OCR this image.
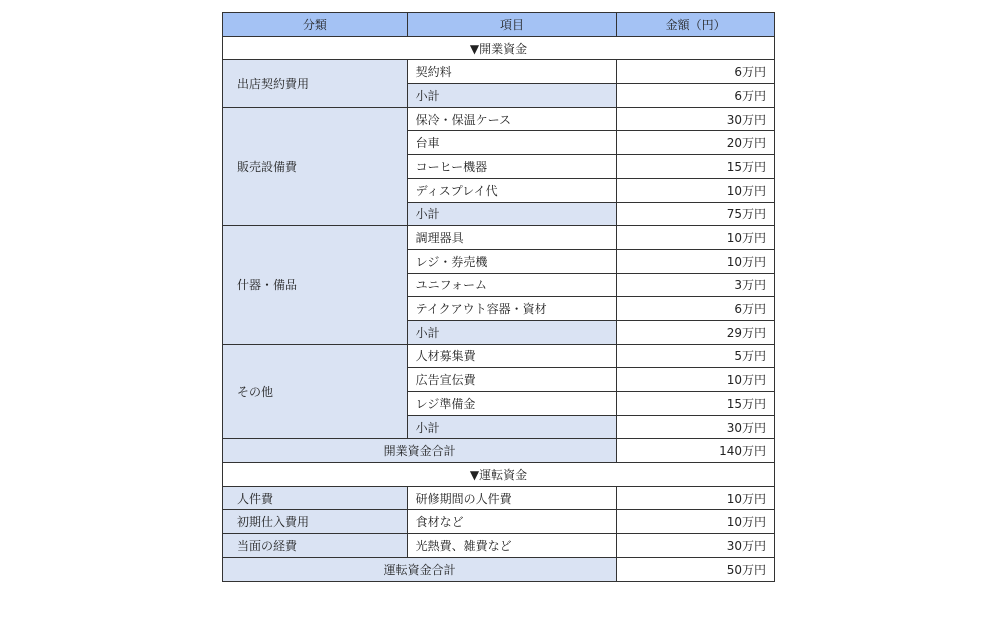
分類	項目	金額（円）
▼開業資金		
出店契約費用	契約料	6万円
	小計	6万円
販売設備費	保冷・保温ケース	30万円
	台車	20万円
	コーヒー機器	15万円
	ディスプレイ代	10万円
	小計	75万円
什器・備品	調理器具	10万円
	レジ・券売機	10万円
	ユニフォーム	3万円
	テイクアウト容器・資材	6万円
	小計	29万円
その他	人材募集費	5万円
	広告宣伝費	10万円
	レジ準備金	15万円
	小計	30万円
開業資金合計		140万円
▼運転資金		
人件費	研修期間の人件費	10万円
初期仕入費用	食材など	10万円
当面の経費	光熱費、雑費など	30万円
運転資金合計		50万円
